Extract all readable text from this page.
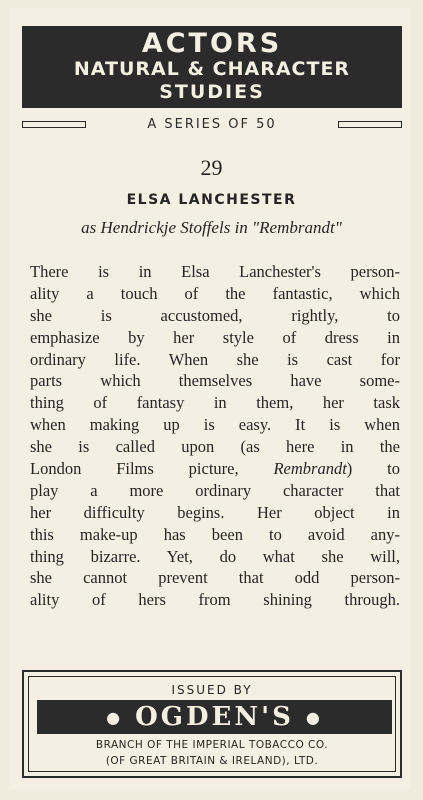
ACTORS
NATURAL & CHARACTER
STUDIES
A SERIES OF 50
29
ELSA LANCHESTER
as Hendrickje Stoffels in "Rembrandt"
There is in Elsa Lanchester's person-
ality a touch of the fantastic, which
she is accustomed, rightly, to
emphasize by her style of dress in
ordinary life. When she is cast for
parts which themselves have some-
thing of fantasy in them, her task
when making up is easy. It is when
she is called upon (as here in the
London Films picture, Rembrandt) to
play a more ordinary character that
her difficulty begins. Her object in
this make-up has been to avoid any-
thing bizarre. Yet, do what she will,
she cannot prevent that odd person-
ality of hers from shining through.
ISSUED BY
● OGDEN'S ●
BRANCH OF THE IMPERIAL TOBACCO CO.
(OF GREAT BRITAIN & IRELAND), LTD.
